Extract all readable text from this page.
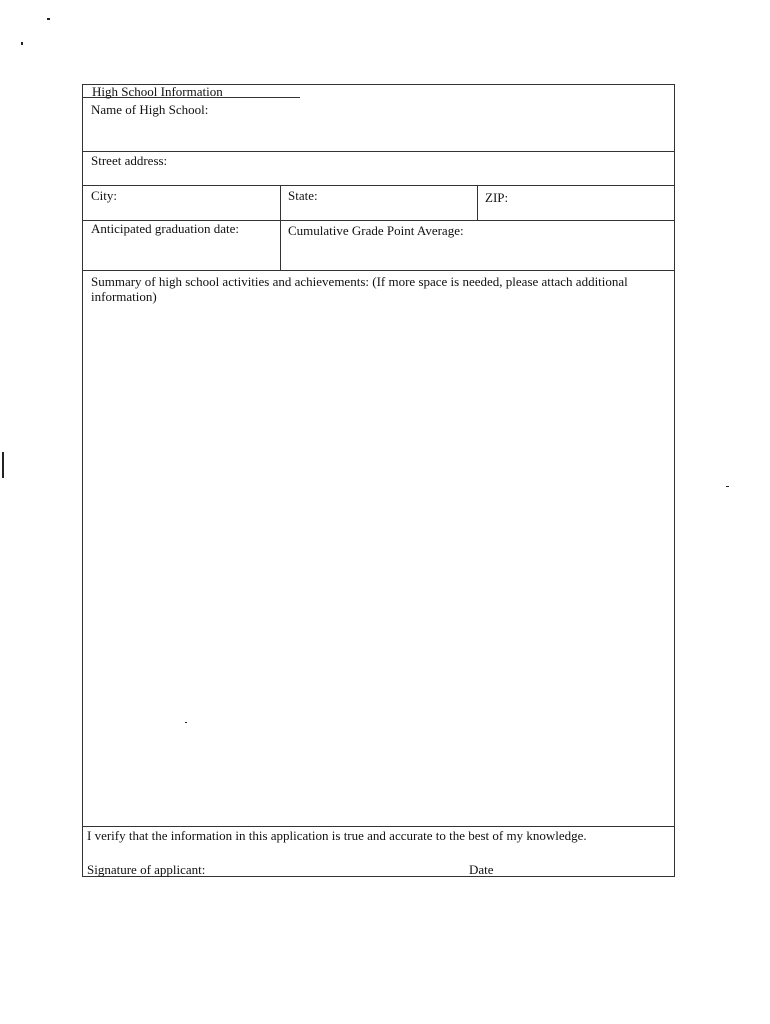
High School Information
Name of High School:
Street address:
City:	State:	ZIP:
Anticipated graduation date:	Cumulative Grade Point Average:
Summary of high school activities and achievements: (If more space is needed, please attach additional information)
I verify that the information in this application is true and accurate to the best of my knowledge.
Signature of applicant:	Date
